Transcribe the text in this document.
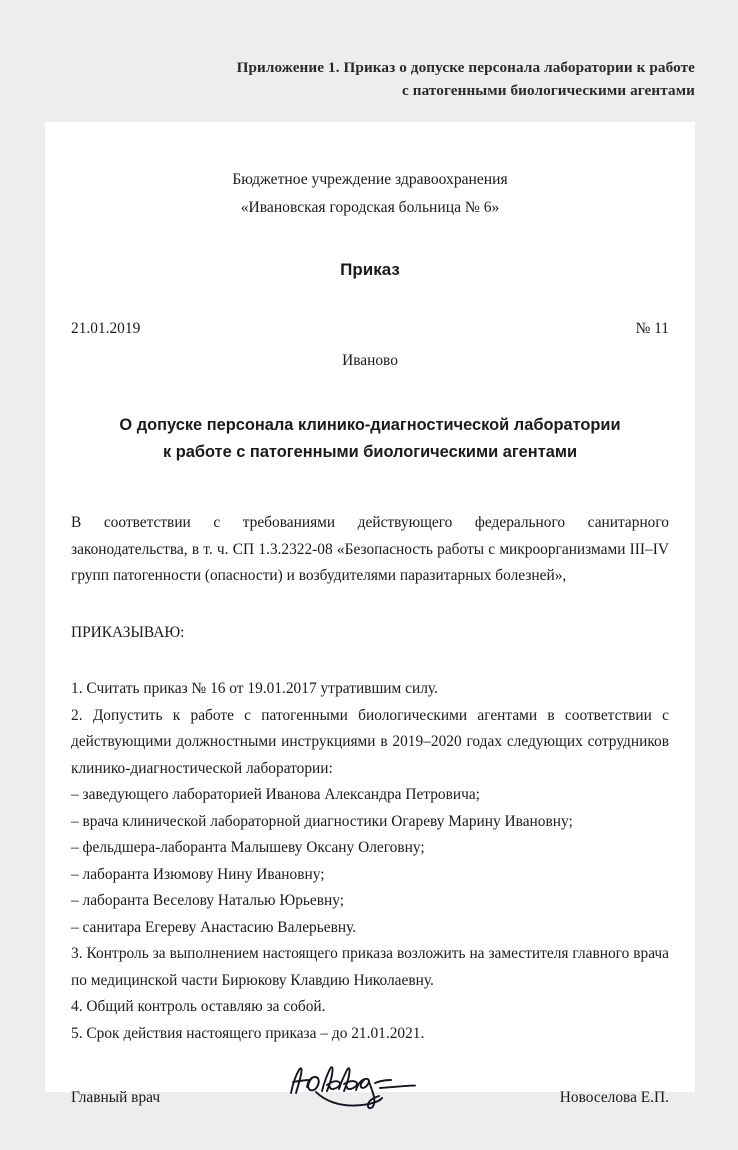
Приложение 1. Приказ о допуске персонала лаборатории к работе
с патогенными биологическими агентами
Бюджетное учреждение здравоохранения
«Ивановская городская больница № 6»
Приказ
21.01.2019	№ 11
Иваново
О допуске персонала клинико-диагностической лаборатории
к работе с патогенными биологическими агентами
В соответствии с требованиями действующего федерального санитарного законодательства, в т. ч. СП 1.3.2322-08 «Безопасность работы с микроорганизмами III–IV групп патогенности (опасности) и возбудителями паразитарных болезней»,
ПРИКАЗЫВАЮ:
1. Считать приказ № 16 от 19.01.2017 утратившим силу.
2. Допустить к работе с патогенными биологическими агентами в соответствии с действующими должностными инструкциями в 2019–2020 годах следующих сотрудников клинико-диагностической лаборатории:
– заведующего лабораторией Иванова Александра Петровича;
– врача клинической лабораторной диагностики Огареву Марину Ивановну;
– фельдшера-лаборанта Малышеву Оксану Олеговну;
– лаборанта Изюмову Нину Ивановну;
– лаборанта Веселову Наталью Юрьевну;
– санитара Егереву Анастасию Валерьевну.
3. Контроль за выполнением настоящего приказа возложить на заместителя главного врача по медицинской части Бирюкову Клавдию Николаевну.
4. Общий контроль оставляю за собой.
5. Срок действия настоящего приказа – до 21.01.2021.
Главный врач	Новоселова Е.П.
